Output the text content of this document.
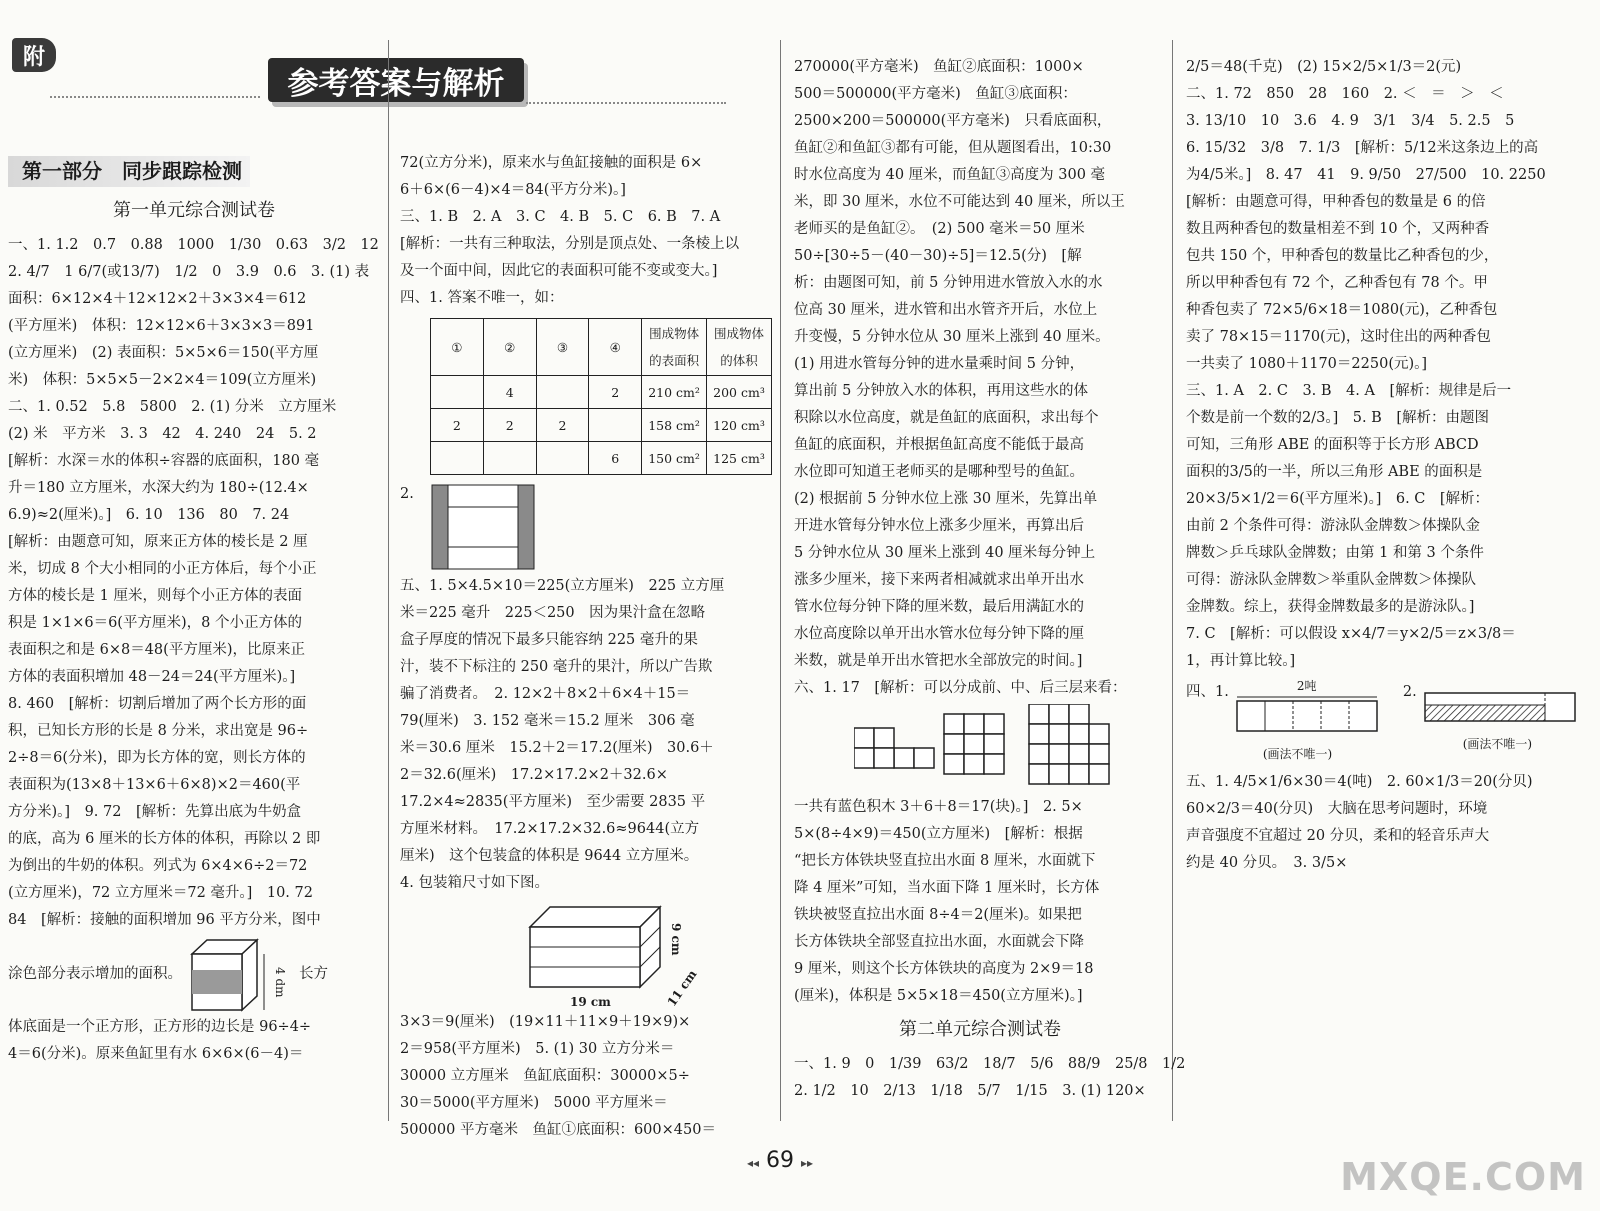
附
参考答案与解析
第一部分　同步跟踪检测
第一单元综合测试卷

一、1. 1.2　0.7　0.88　1000　1/30　0.63　3/2　12

2. 4/7　1 6/7(或13/7)　1/2　0　3.9　0.6　3. (1) 表

面积：6×12×4＋12×12×2＋3×3×4＝612

(平方厘米)　体积：12×12×6＋3×3×3＝891

(立方厘米)　(2) 表面积：5×5×6＝150(平方厘

米)　体积：5×5×5－2×2×4＝109(立方厘米)

二、1. 0.52　5.8　5800　2. (1) 分米　立方厘米

(2) 米　平方米　3. 3　42　4. 240　24　5. 2

[解析：水深＝水的体积÷容器的底面积，180 毫

升＝180 立方厘米，水深大约为 180÷(12.4×

6.9)≈2(厘米)。]　6. 10　136　80　7. 24

[解析：由题意可知，原来正方体的棱长是 2 厘

米，切成 8 个大小相同的小正方体后，每个小正

方体的棱长是 1 厘米，则每个小正方体的表面

积是 1×1×6＝6(平方厘米)，8 个小正方体的

表面积之和是 6×8＝48(平方厘米)，比原来正

方体的表面积增加 48－24＝24(平方厘米)。]

8. 460　[解析：切割后增加了两个长方形的面

积，已知长方形的长是 8 分米，求出宽是 96÷

2÷8＝6(分米)，即为长方体的宽，则长方体的

表面积为(13×8＋13×6＋6×8)×2＝460(平

方分米)。]　9. 72　[解析：先算出底为牛奶盒

的底，高为 6 厘米的长方体的体积，再除以 2 即

为倒出的牛奶的体积。列式为 6×4×6÷2＝72

(立方厘米)，72 立方厘米＝72 毫升。]　10. 72

84　[解析：接触的面积增加 96 平方分米，图中

涂色部分表示增加的面积。	4 dm 长方

体底面是一个正方形，正方形的边长是 96÷4÷

4＝6(分米)。原来鱼缸里有水 6×6×(6－4)＝

72(立方分米)，原来水与鱼缸接触的面积是 6×

6＋6×(6－4)×4＝84(平方分米)。]

三、1. B　2. A　3. C　4. B　5. C　6. B　7. A

[解析：一共有三种取法，分别是顶点处、一条棱上以

及一个面中间，因此它的表面积可能不变或变大。]

四、1. 答案不唯一，如：

①	②	③	④	围成物体的表面积	围成物体的体积
	4		2	210 cm²	200 cm³
2	2	2		158 cm²	120 cm³
			6	150 cm²	125 cm³

2.

五、1. 5×4.5×10＝225(立方厘米)　225 立方厘

米＝225 毫升　225＜250　因为果汁盒在忽略

盒子厚度的情况下最多只能容纳 225 毫升的果

汁，装不下标注的 250 毫升的果汁，所以广告欺

骗了消费者。　2. 12×2＋8×2＋6×4＋15＝

79(厘米)　3. 152 毫米＝15.2 厘米　306 毫

米＝30.6 厘米　15.2＋2＝17.2(厘米)　30.6＋

2＝32.6(厘米)　17.2×17.2×2＋32.6×

17.2×4≈2835(平方厘米)　至少需要 2835 平

方厘米材料。　17.2×17.2×32.6≈9644(立方

厘米)　这个包装盒的体积是 9644 立方厘米。

4. 包装箱尺寸如下图。

19 cm	11 cm
9 cm

3×3＝9(厘米)　(19×11＋11×9＋19×9)×

2＝958(平方厘米)　5. (1) 30 立方分米＝

30000 立方厘米　鱼缸底面积：30000×5÷

30＝5000(平方厘米)　5000 平方厘米＝

500000 平方毫米　鱼缸①底面积：600×450＝

270000(平方毫米)　鱼缸②底面积：1000×

500＝500000(平方毫米)　鱼缸③底面积：

2500×200＝500000(平方毫米)　只看底面积，

鱼缸②和鱼缸③都有可能，但从题图看出，10:30

时水位高度为 40 厘米，而鱼缸③高度为 300 毫

米，即 30 厘米，水位不可能达到 40 厘米，所以王

老师买的是鱼缸②。　(2) 500 毫米＝50 厘米

50÷[30÷5－(40－30)÷5]＝12.5(分)　[解

析：由题图可知，前 5 分钟用进水管放入水的水

位高 30 厘米，进水管和出水管齐开后，水位上

升变慢，5 分钟水位从 30 厘米上涨到 40 厘米。

(1) 用进水管每分钟的进水量乘时间 5 分钟，

算出前 5 分钟放入水的体积，再用这些水的体

积除以水位高度，就是鱼缸的底面积，求出每个

鱼缸的底面积，并根据鱼缸高度不能低于最高

水位即可知道王老师买的是哪种型号的鱼缸。

(2) 根据前 5 分钟水位上涨 30 厘米，先算出单

开进水管每分钟水位上涨多少厘米，再算出后

5 分钟水位从 30 厘米上涨到 40 厘米每分钟上

涨多少厘米，接下来两者相减就求出单开出水

管水位每分钟下降的厘米数，最后用满缸水的

水位高度除以单开出水管水位每分钟下降的厘

米数，就是单开出水管把水全部放完的时间。]

六、1. 17　[解析：可以分成前、中、后三层来看：

一共有蓝色积木 3＋6＋8＝17(块)。]　2. 5×

5×(8÷4×9)＝450(立方厘米)　[解析：根据

“把长方体铁块竖直拉出水面 8 厘米，水面就下

降 4 厘米”可知，当水面下降 1 厘米时，长方体

铁块被竖直拉出水面 8÷4＝2(厘米)。如果把

长方体铁块全部竖直拉出水面，水面就会下降

9 厘米，则这个长方体铁块的高度为 2×9＝18

(厘米)，体积是 5×5×18＝450(立方厘米)。]

第二单元综合测试卷

一、1. 9　0　1/39　63/2　18/7　5/6　88/9　25/8　1/2

2. 1/2　10　2/13　1/18　5/7　1/15　3. (1) 120×

2/5＝48(千克)　(2) 15×2/5×1/3＝2(元)

二、1. 72　850　28　160　2. ＜　＝　＞　＜

3. 13/10　10　3.6　4. 9　3/1　3/4　5. 2.5　5

6. 15/32　3/8　7. 1/3　[解析：5/12米这条边上的高

为4/5米。]　8. 47　41　9. 9/50　27/500　10. 2250

[解析：由题意可得，甲种香包的数量是 6 的倍

数且两种香包的数量相差不到 10 个，又两种香

包共 150 个，甲种香包的数量比乙种香包的少，

所以甲种香包有 72 个，乙种香包有 78 个。甲

种香包卖了 72×5/6×18＝1080(元)，乙种香包

卖了 78×15＝1170(元)，这时住出的两种香包

一共卖了 1080＋1170＝2250(元)。]

三、1. A　2. C　3. B　4. A　[解析：规律是后一

个数是前一个数的2/3。]　5. B　[解析：由题图

可知，三角形 ABE 的面积等于长方形 ABCD

面积的3/5的一半，所以三角形 ABE 的面积是

20×3/5×1/2＝6(平方厘米)。]　6. C　[解析：

由前 2 个条件可得：游泳队金牌数＞体操队金

牌数＞乒乓球队金牌数；由第 1 和第 3 个条件

可得：游泳队金牌数＞举重队金牌数＞体操队

金牌数。综上，获得金牌数最多的是游泳队。]

7. C　[解析：可以假设 x×4/7＝y×2/5＝z×3/8＝

1，再计算比较。]

四、1.	2吨
(画法不唯一)

2.

(画法不唯一)

五、1. 4/5×1/6×30＝4(吨)　2. 60×1/3＝20(分贝)

60×2/3＝40(分贝)　大脑在思考问题时，环境

声音强度不宜超过 20 分贝，柔和的轻音乐声大

约是 40 分贝。　3. 3/5×

◂◂ 69 ▸▸	MXQE.COM
